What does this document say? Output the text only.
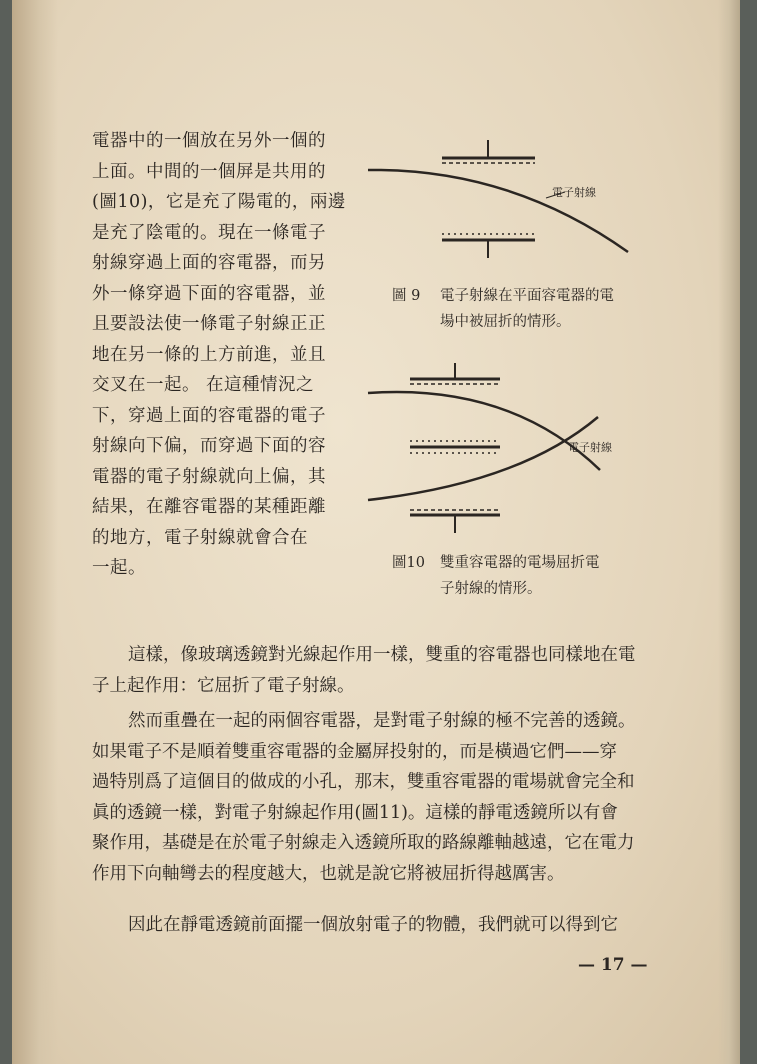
電器中的一個放在另外一個的
上面。中間的一個屏是共用的
(圖10)，它是充了陽電的，兩邊
是充了陰電的。現在一條電子
射線穿過上面的容電器，而另
外一條穿過下面的容電器，並
且要設法使一條電子射線正正
地在另一條的上方前進，並且
交叉在一起。 在這種情況之
下，穿過上面的容電器的電子
射線向下偏，而穿過下面的容
電器的電子射線就向上偏，其
結果，在離容電器的某種距離
的地方，電子射線就會合在
一起。
電子射線
圖 9 電子射線在平面容電器的電
場中被屈折的情形。
電子射線
圖10 雙重容電器的電場屈折電
子射線的情形。
這樣，像玻璃透鏡對光線起作用一樣，雙重的容電器也同樣地在電
子上起作用：它屈折了電子射線。
然而重疊在一起的兩個容電器，是對電子射線的極不完善的透鏡。
如果電子不是順着雙重容電器的金屬屏投射的，而是橫過它們——穿
過特別爲了這個目的做成的小孔，那末，雙重容電器的電場就會完全和
眞的透鏡一樣，對電子射線起作用(圖11)。這樣的靜電透鏡所以有會
聚作用，基礎是在於電子射線走入透鏡所取的路線離軸越遠，它在電力
作用下向軸彎去的程度越大，也就是說它將被屈折得越厲害。
因此在靜電透鏡前面擺一個放射電子的物體，我們就可以得到它
— 17 —
